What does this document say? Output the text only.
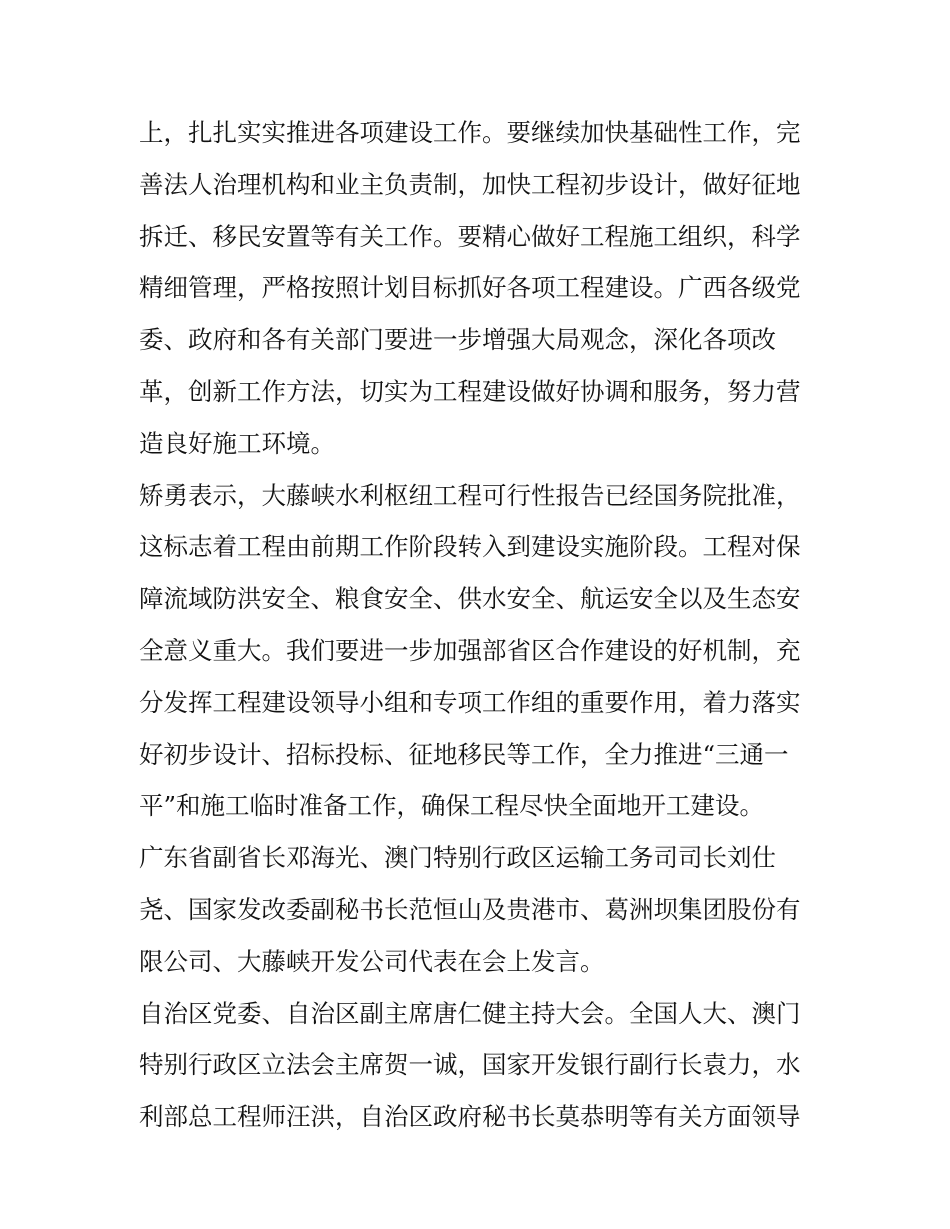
上，扎扎实实推进各项建设工作。要继续加快基础性工作，完
善法人治理机构和业主负责制，加快工程初步设计，做好征地
拆迁、移民安置等有关工作。要精心做好工程施工组织，科学
精细管理，严格按照计划目标抓好各项工程建设。广西各级党
委、政府和各有关部门要进一步增强大局观念，深化各项改
革，创新工作方法，切实为工程建设做好协调和服务，努力营
造良好施工环境。
矫勇表示，大藤峡水利枢纽工程可行性报告已经国务院批准，
这标志着工程由前期工作阶段转入到建设实施阶段。工程对保
障流域防洪安全、粮食安全、供水安全、航运安全以及生态安
全意义重大。我们要进一步加强部省区合作建设的好机制，充
分发挥工程建设领导小组和专项工作组的重要作用，着力落实
好初步设计、招标投标、征地移民等工作，全力推进“三通一
平”和施工临时准备工作，确保工程尽快全面地开工建设。
广东省副省长邓海光、澳门特别行政区运输工务司司长刘仕
尧、国家发改委副秘书长范恒山及贵港市、葛洲坝集团股份有
限公司、大藤峡开发公司代表在会上发言。
自治区党委、自治区副主席唐仁健主持大会。全国人大、澳门
特别行政区立法会主席贺一诚，国家开发银行副行长袁力，水
利部总工程师汪洪，自治区政府秘书长莫恭明等有关方面领导
